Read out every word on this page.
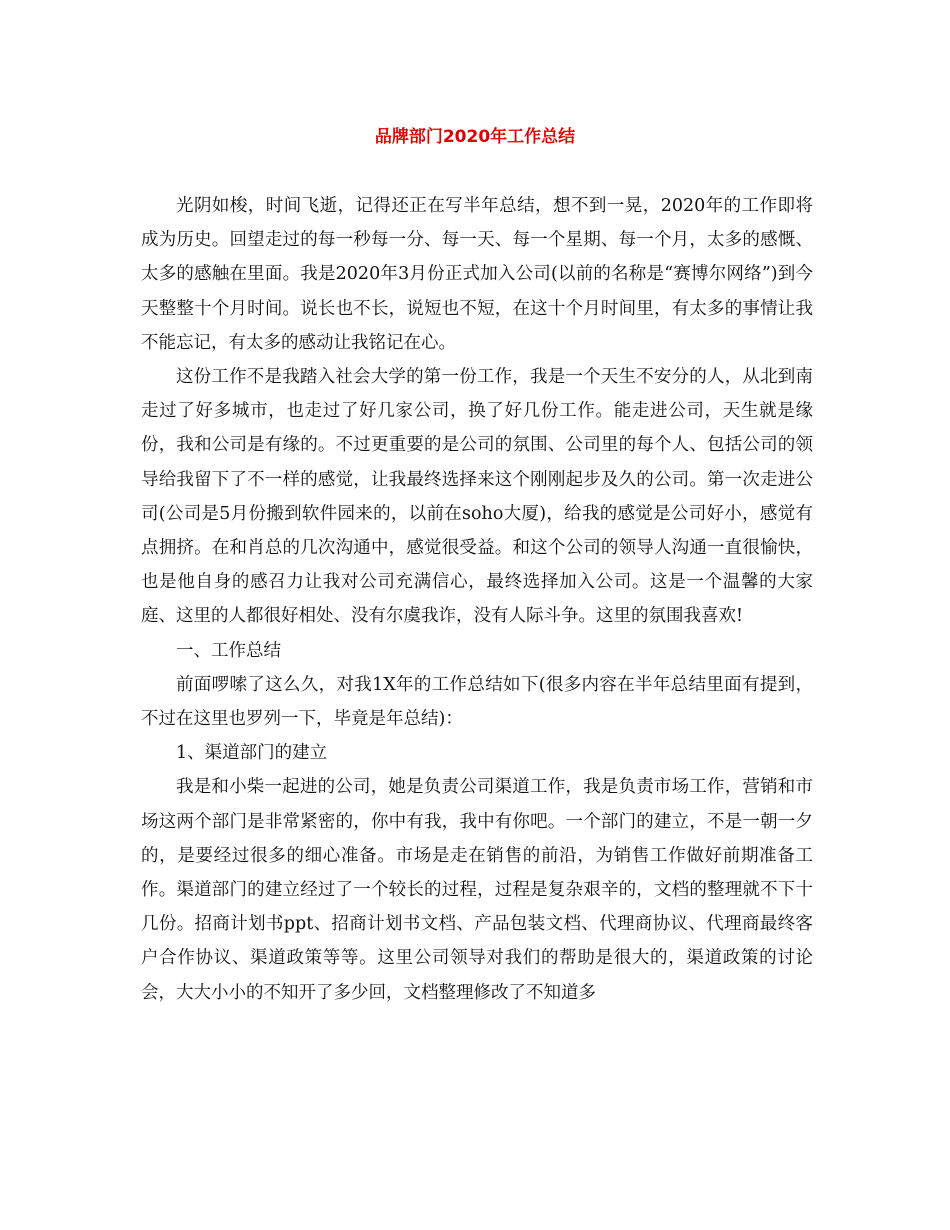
品牌部门2020年工作总结

光阴如梭，时间飞逝，记得还正在写半年总结，想不到一晃，2020年的工作即将成为历史。回望走过的每一秒每一分、每一天、每一个星期、每一个月，太多的感慨、太多的感触在里面。我是2020年3月份正式加入公司(以前的名称是“赛博尔网络”)到今天整整十个月时间。说长也不长，说短也不短，在这十个月时间里，有太多的事情让我不能忘记，有太多的感动让我铭记在心。

这份工作不是我踏入社会大学的第一份工作，我是一个天生不安分的人，从北到南走过了好多城市，也走过了好几家公司，换了好几份工作。能走进公司，天生就是缘份，我和公司是有缘的。不过更重要的是公司的氛围、公司里的每个人、包括公司的领导给我留下了不一样的感觉，让我最终选择来这个刚刚起步及久的公司。第一次走进公司(公司是5月份搬到软件园来的，以前在soho大厦)，给我的感觉是公司好小，感觉有点拥挤。在和肖总的几次沟通中，感觉很受益。和这个公司的领导人沟通一直很愉快，也是他自身的感召力让我对公司充满信心，最终选择加入公司。这是一个温馨的大家庭、这里的人都很好相处、没有尔虞我诈，没有人际斗争。这里的氛围我喜欢!

一、工作总结

前面啰嗦了这么久，对我1X年的工作总结如下(很多内容在半年总结里面有提到，不过在这里也罗列一下，毕竟是年总结)：

1、渠道部门的建立

我是和小柴一起进的公司，她是负责公司渠道工作，我是负责市场工作，营销和市场这两个部门是非常紧密的，你中有我，我中有你吧。一个部门的建立，不是一朝一夕的，是要经过很多的细心准备。市场是走在销售的前沿，为销售工作做好前期准备工作。渠道部门的建立经过了一个较长的过程，过程是复杂艰辛的，文档的整理就不下十几份。招商计划书ppt、招商计划书文档、产品包装文档、代理商协议、代理商最终客户合作协议、渠道政策等等。这里公司领导对我们的帮助是很大的，渠道政策的讨论会，大大小小的不知开了多少回，文档整理修改了不知道多
